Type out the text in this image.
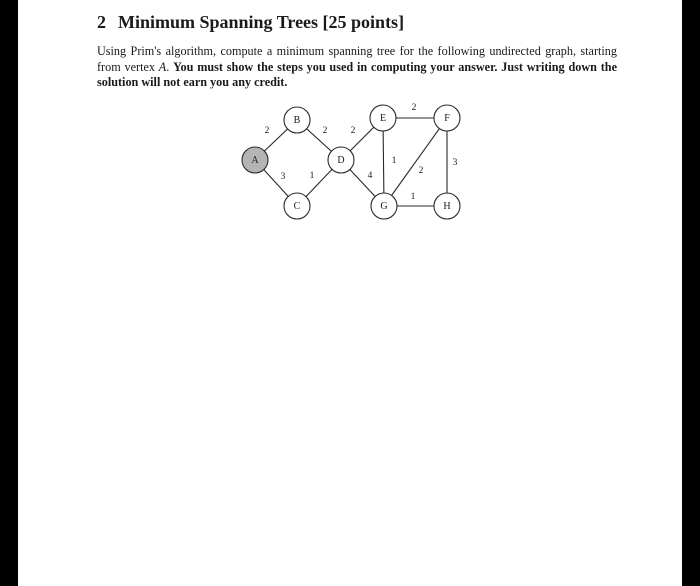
2 Minimum Spanning Trees [25 points]

Using Prim's algorithm, compute a minimum spanning tree for the following undirected graph, starting from vertex A. You must show the steps you used in computing your answer. Just writing down the solution will not earn you any credit.

2
3
2
1
2
4
2
1
2
3
1
A
B
C
D
E	F
G	H
